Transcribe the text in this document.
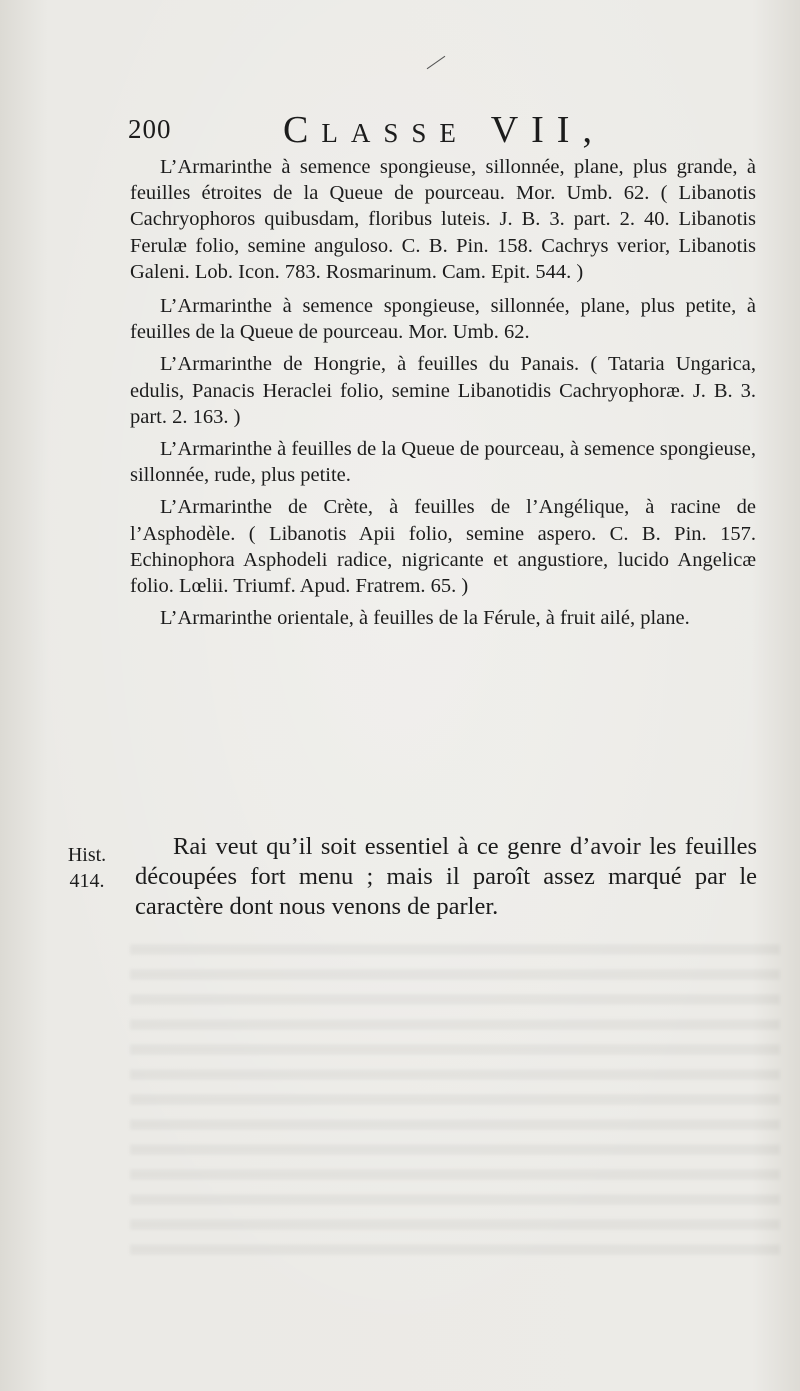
200	CLASSE VII,

L’Armarinthe à semence spongieuse, sillonnée, plane, plus grande, à feuilles étroites de la Queue de pourceau. Mor. Umb. 62. ( Libanotis Cachryophoros quibusdam, floribus luteis. J. B. 3. part. 2. 40. Libanotis Ferulæ folio, semine anguloso. C. B. Pin. 158. Cachrys verior, Libanotis Galeni. Lob. Icon. 783. Rosmarinum. Cam. Epit. 544. )

L’Armarinthe à semence spongieuse, sillonnée, plane, plus petite, à feuilles de la Queue de pourceau. Mor. Umb. 62.

L’Armarinthe de Hongrie, à feuilles du Panais. ( Tataria Ungarica, edulis, Panacis Heraclei folio, semine Libanotidis Cachryophoræ. J. B. 3. part. 2. 163. )

L’Armarinthe à feuilles de la Queue de pourceau, à semence spongieuse, sillonnée, rude, plus petite.

L’Armarinthe de Crète, à feuilles de l’Angélique, à racine de l’Asphodèle. ( Libanotis Apii folio, semine aspero. C. B. Pin. 157. Echinophora Asphodeli radice, nigricante et angustiore, lucido Angelicæ folio. Lœlii. Triumf. Apud. Fratrem. 65. )

L’Armarinthe orientale, à feuilles de la Férule, à fruit ailé, plane.

Hist.
414.

Rai veut qu’il soit essentiel à ce genre d’avoir les feuilles découpées fort menu ; mais il paroît assez marqué par le caractère dont nous venons de parler.
